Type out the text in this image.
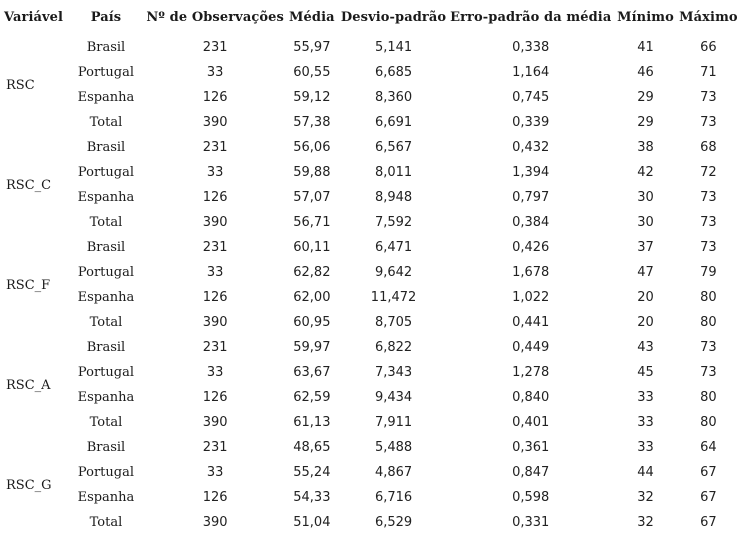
Variável	País	Nº de Observações	Média	Desvio-padrão	Erro-padrão da média	Mínimo	Máximo
RSC	Brasil	231	55,97	5,141	0,338	41	66
	Portugal	33	60,55	6,685	1,164	46	71
	Espanha	126	59,12	8,360	0,745	29	73
	Total	390	57,38	6,691	0,339	29	73
RSC_C	Brasil	231	56,06	6,567	0,432	38	68
	Portugal	33	59,88	8,011	1,394	42	72
	Espanha	126	57,07	8,948	0,797	30	73
	Total	390	56,71	7,592	0,384	30	73
RSC_F	Brasil	231	60,11	6,471	0,426	37	73
	Portugal	33	62,82	9,642	1,678	47	79
	Espanha	126	62,00	11,472	1,022	20	80
	Total	390	60,95	8,705	0,441	20	80
RSC_A	Brasil	231	59,97	6,822	0,449	43	73
	Portugal	33	63,67	7,343	1,278	45	73
	Espanha	126	62,59	9,434	0,840	33	80
	Total	390	61,13	7,911	0,401	33	80
RSC_G	Brasil	231	48,65	5,488	0,361	33	64
	Portugal	33	55,24	4,867	0,847	44	67
	Espanha	126	54,33	6,716	0,598	32	67
	Total	390	51,04	6,529	0,331	32	67
